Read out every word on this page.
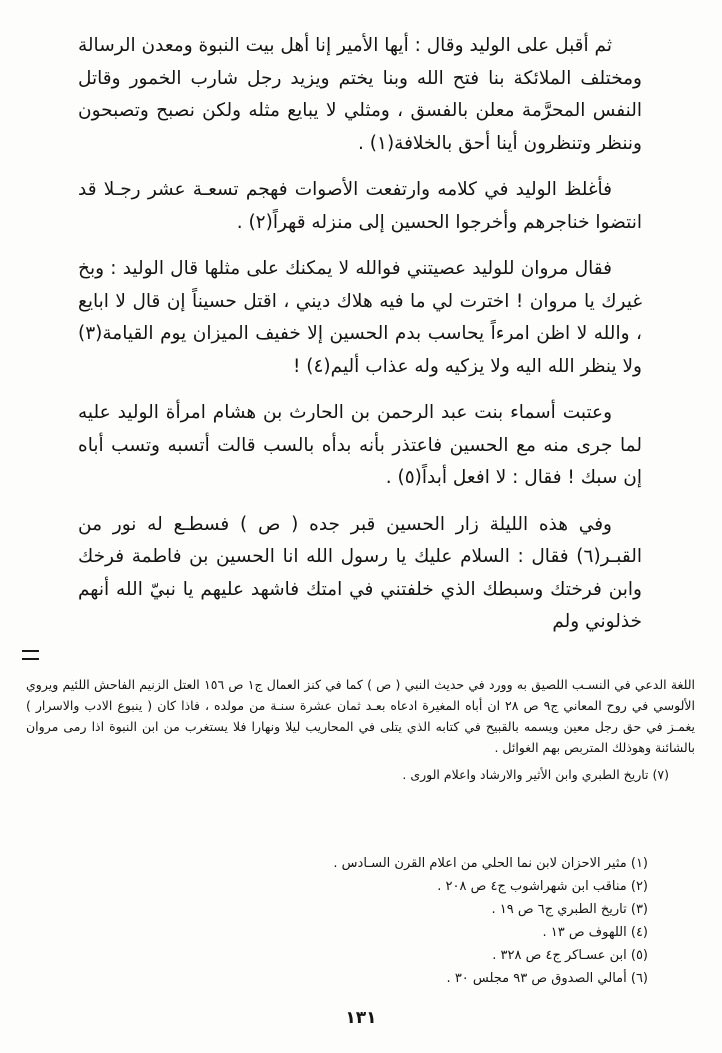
ثم أقبل على الوليد وقال : أيها الأمير إنا أهل بيت النبوة ومعدن الرسالة ومختلف الملائكة بنا فتح الله وبنا يختم ويزيد رجل شارب الخمور وقاتل النفس المحرَّمة معلن بالفسق ، ومثلي لا يبايع مثله ولكن نصبح وتصبحون وننظر وتنظرون أينا أحق بالخلافة(١) .

فأغلظ الوليد في كلامه وارتفعت الأصوات فهجم تسعـة عشر رجـلا قد انتضوا خناجرهم وأخرجوا الحسين إلى منزله قهراً(٢) .

فقال مروان للوليد عصيتني فوالله لا يمكنك على مثلها قال الوليد : وبخ غيرك يا مروان ! اخترت لي ما فيه هلاك ديني ، اقتل حسيناً إن قال لا ابايع ، والله لا اظن امرءاً يحاسب بدم الحسين إلا خفيف الميزان يوم القيامة(٣) ولا ينظر الله اليه ولا يزكيه وله عذاب أليم(٤) !

وعتبت أسماء بنت عبد الرحمن بن الحارث بن هشام امرأة الوليد عليه لما جرى منه مع الحسين فاعتذر بأنه بدأه بالسب قالت أتسبه وتسب أباه إن سبك ! فقال : لا افعل أبداً(٥) .

وفي هذه الليلة زار الحسين قبر جده ( ص ) فسطـع له نور من القبـر(٦) فقال : السلام عليك يا رسول الله انا الحسين بن فاطمة فرخك وابن فرختك وسبطك الذي خلفتني في امتك فاشهد عليهم يا نبيّ الله أنهم خذلوني ولم

اللغة الدعي في النسـب اللصيق به وورد في حديث النبي ( ص ) كما في كنز العمال ج١ ص ١٥٦ العتل الزنيم الفاحش اللئيم ويروي الألوسي في روح المعاني ج٩ ص ٢٨ ان أباه المغيرة ادعاه بعـد ثمان عشرة سنـة من مولده ، فاذا كان ( ينبوع الادب والاسرار ) يغمـز في حق رجل معين ويسمه بالقبيح في كتابه الذي يتلى في المحاريب ليلا ونهارا فلا يستغرب من ابن النبوة اذا رمى مروان بالشائنة وهوذلك المتربص بهم الغوائل .
(٧) تاريخ الطبري وابن الأثير والارشاد واعلام الورى .
(١) مثير الاحزان لابن نما الحلي من اعلام القرن السـادس .
(٢) مناقب ابن شهراشوب ج٤ ص ٢٠٨ .
(٣) تاريخ الطبري ج٦ ص ١٩ .
(٤) اللهوف ص ١٣ .
(٥) ابن عسـاكر ج٤ ص ٣٢٨ .
(٦) أمالي الصدوق ص ٩٣ مجلس ٣٠ .
١٣١
